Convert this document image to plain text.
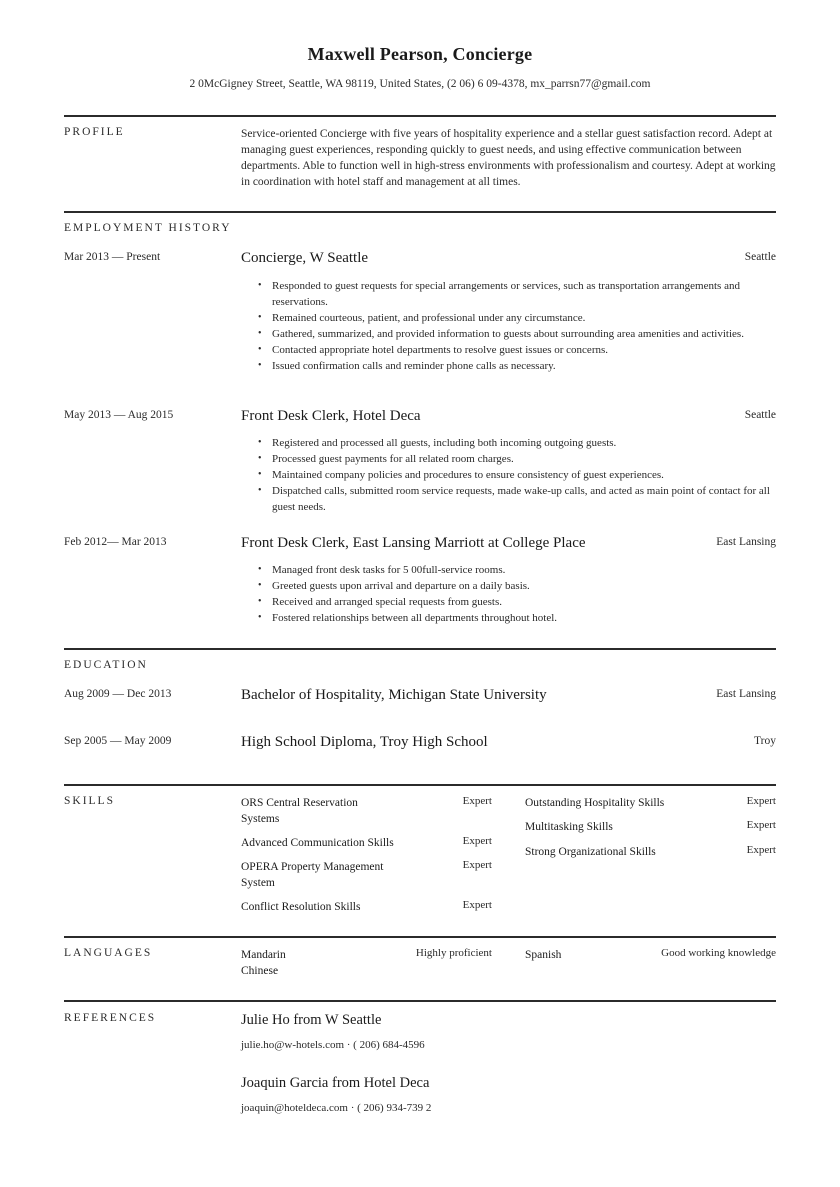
Maxwell Pearson, Concierge
2 0McGigney Street, Seattle, WA 98119, United States, (2 06) 6 09-4378, mx_parrsn77@gmail.com
PROFILE	Service-oriented Concierge with five years of hospitality experience and a stellar guest satisfaction record. Adept at managing guest experiences, responding quickly to guest needs, and using effective communication between departments. Able to function well in high-stress environments with professionalism and courtesy. Adept at working in coordination with hotel staff and management at all times.
EMPLOYMENT HISTORY
Mar 2013 — Present	Concierge, W Seattle	Seattle
• Responded to guest requests for special arrangements or services, such as transportation arrangements and reservations.
• Remained courteous, patient, and professional under any circumstance.
• Gathered, summarized, and provided information to guests about surrounding area amenities and activities.
• Contacted appropriate hotel departments to resolve guest issues or concerns.
• Issued confirmation calls and reminder phone calls as necessary.
May 2013 — Aug 2015	Front Desk Clerk, Hotel Deca	Seattle
• Registered and processed all guests, including both incoming outgoing guests.
• Processed guest payments for all related room charges.
• Maintained company policies and procedures to ensure consistency of guest experiences.
• Dispatched calls, submitted room service requests, made wake-up calls, and acted as main point of contact for all guest needs.
Feb 2012— Mar 2013	Front Desk Clerk, East Lansing Marriott at College Place	East Lansing
• Managed front desk tasks for 5 00full-service rooms.
• Greeted guests upon arrival and departure on a daily basis.
• Received and arranged special requests from guests.
• Fostered relationships between all departments throughout hotel.
EDUCATION
Aug 2009 — Dec 2013	Bachelor of Hospitality, Michigan State University	East Lansing
Sep 2005 — May 2009	High School Diploma, Troy High School	Troy
SKILLS	ORS Central Reservation Systems
Expert
Advanced Communication Skills	Expert
OPERA Property Management System
Expert
Conflict Resolution Skills	Expert
Outstanding Hospitality Skills	Expert
Multitasking Skills	Expert
Strong Organizational Skills	Expert
LANGUAGES	Mandarin Chinese
Highly proficient	Spanish	Good working knowledge
REFERENCES	Julie Ho from W Seattle
julie.ho@w-hotels.com · ( 206) 684-4596
Joaquin Garcia from Hotel Deca
joaquin@hoteldeca.com · ( 206) 934-739 2
